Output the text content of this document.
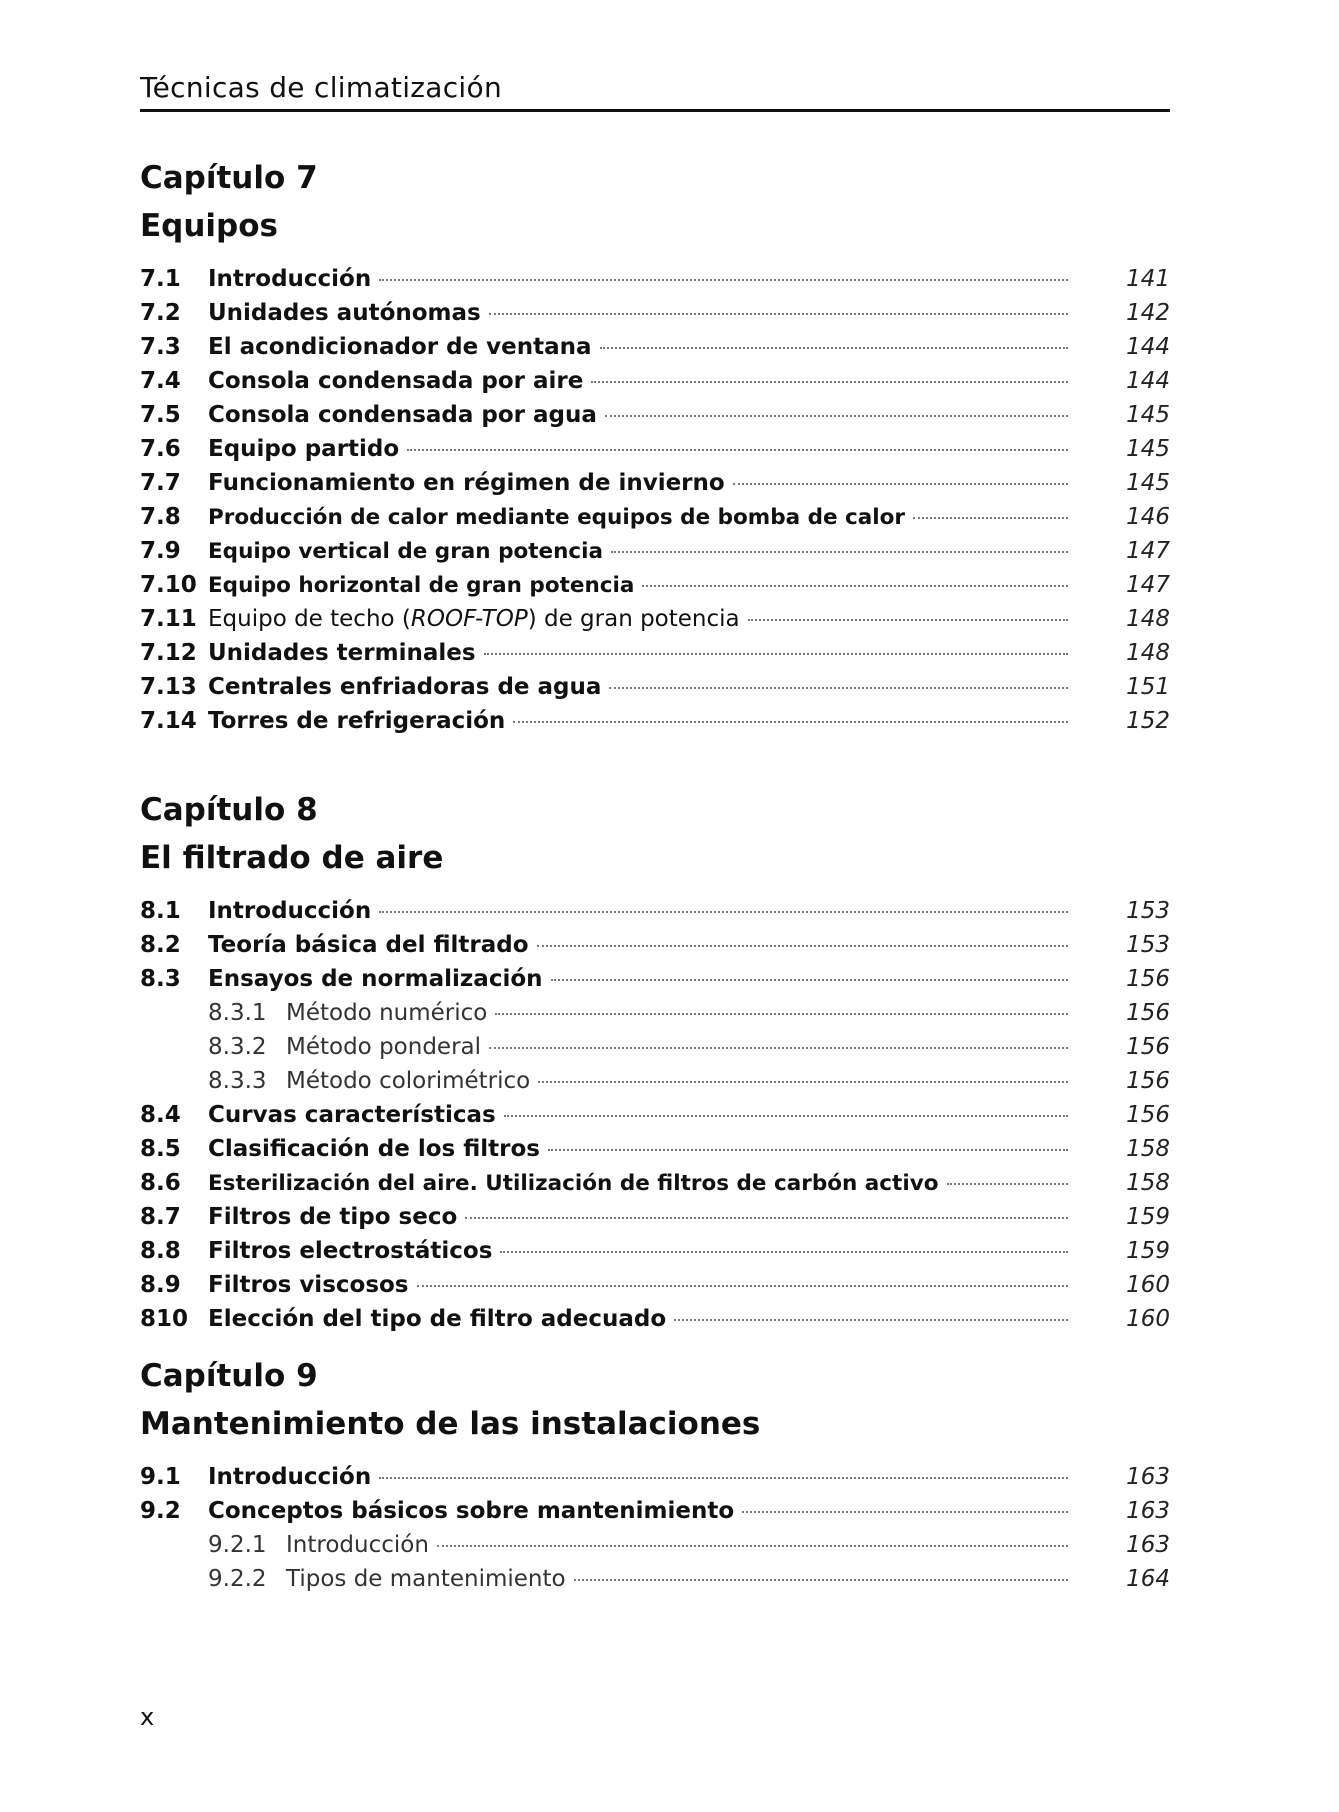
Técnicas de climatización
Capítulo 7
Equipos
7.1	Introducción	141
7.2	Unidades autónomas	142
7.3	El acondicionador de ventana	144
7.4	Consola condensada por aire	144
7.5	Consola condensada por agua	145
7.6	Equipo partido	145
7.7	Funcionamiento en régimen de invierno	145
7.8	Producción de calor mediante equipos de bomba de calor	146
7.9	Equipo vertical de gran potencia	147
7.10 Equipo horizontal de gran potencia	147
7.11 Equipo de techo (ROOF-TOP) de gran potencia	148
7.12 Unidades terminales	148
7.13 Centrales enfriadoras de agua	151
7.14 Torres de refrigeración	152
Capítulo 8
El filtrado de aire
8.1	Introducción	153
8.2	Teoría básica del filtrado	153
8.3	Ensayos de normalización	156
8.3.1 Método numérico	156
8.3.2 Método ponderal	156
8.3.3 Método colorimétrico	156
8.4	Curvas características	156
8.5	Clasificación de los filtros	158
8.6	Esterilización del aire. Utilización de filtros de carbón activo	158
8.7	Filtros de tipo seco	159
8.8	Filtros electrostáticos	159
8.9	Filtros viscosos	160
810 Elección del tipo de filtro adecuado	160
Capítulo 9
Mantenimiento de las instalaciones
9.1	Introducción	163
9.2	Conceptos básicos sobre mantenimiento	163
9.2.1 Introducción	163
9.2.2 Tipos de mantenimiento	164
x
